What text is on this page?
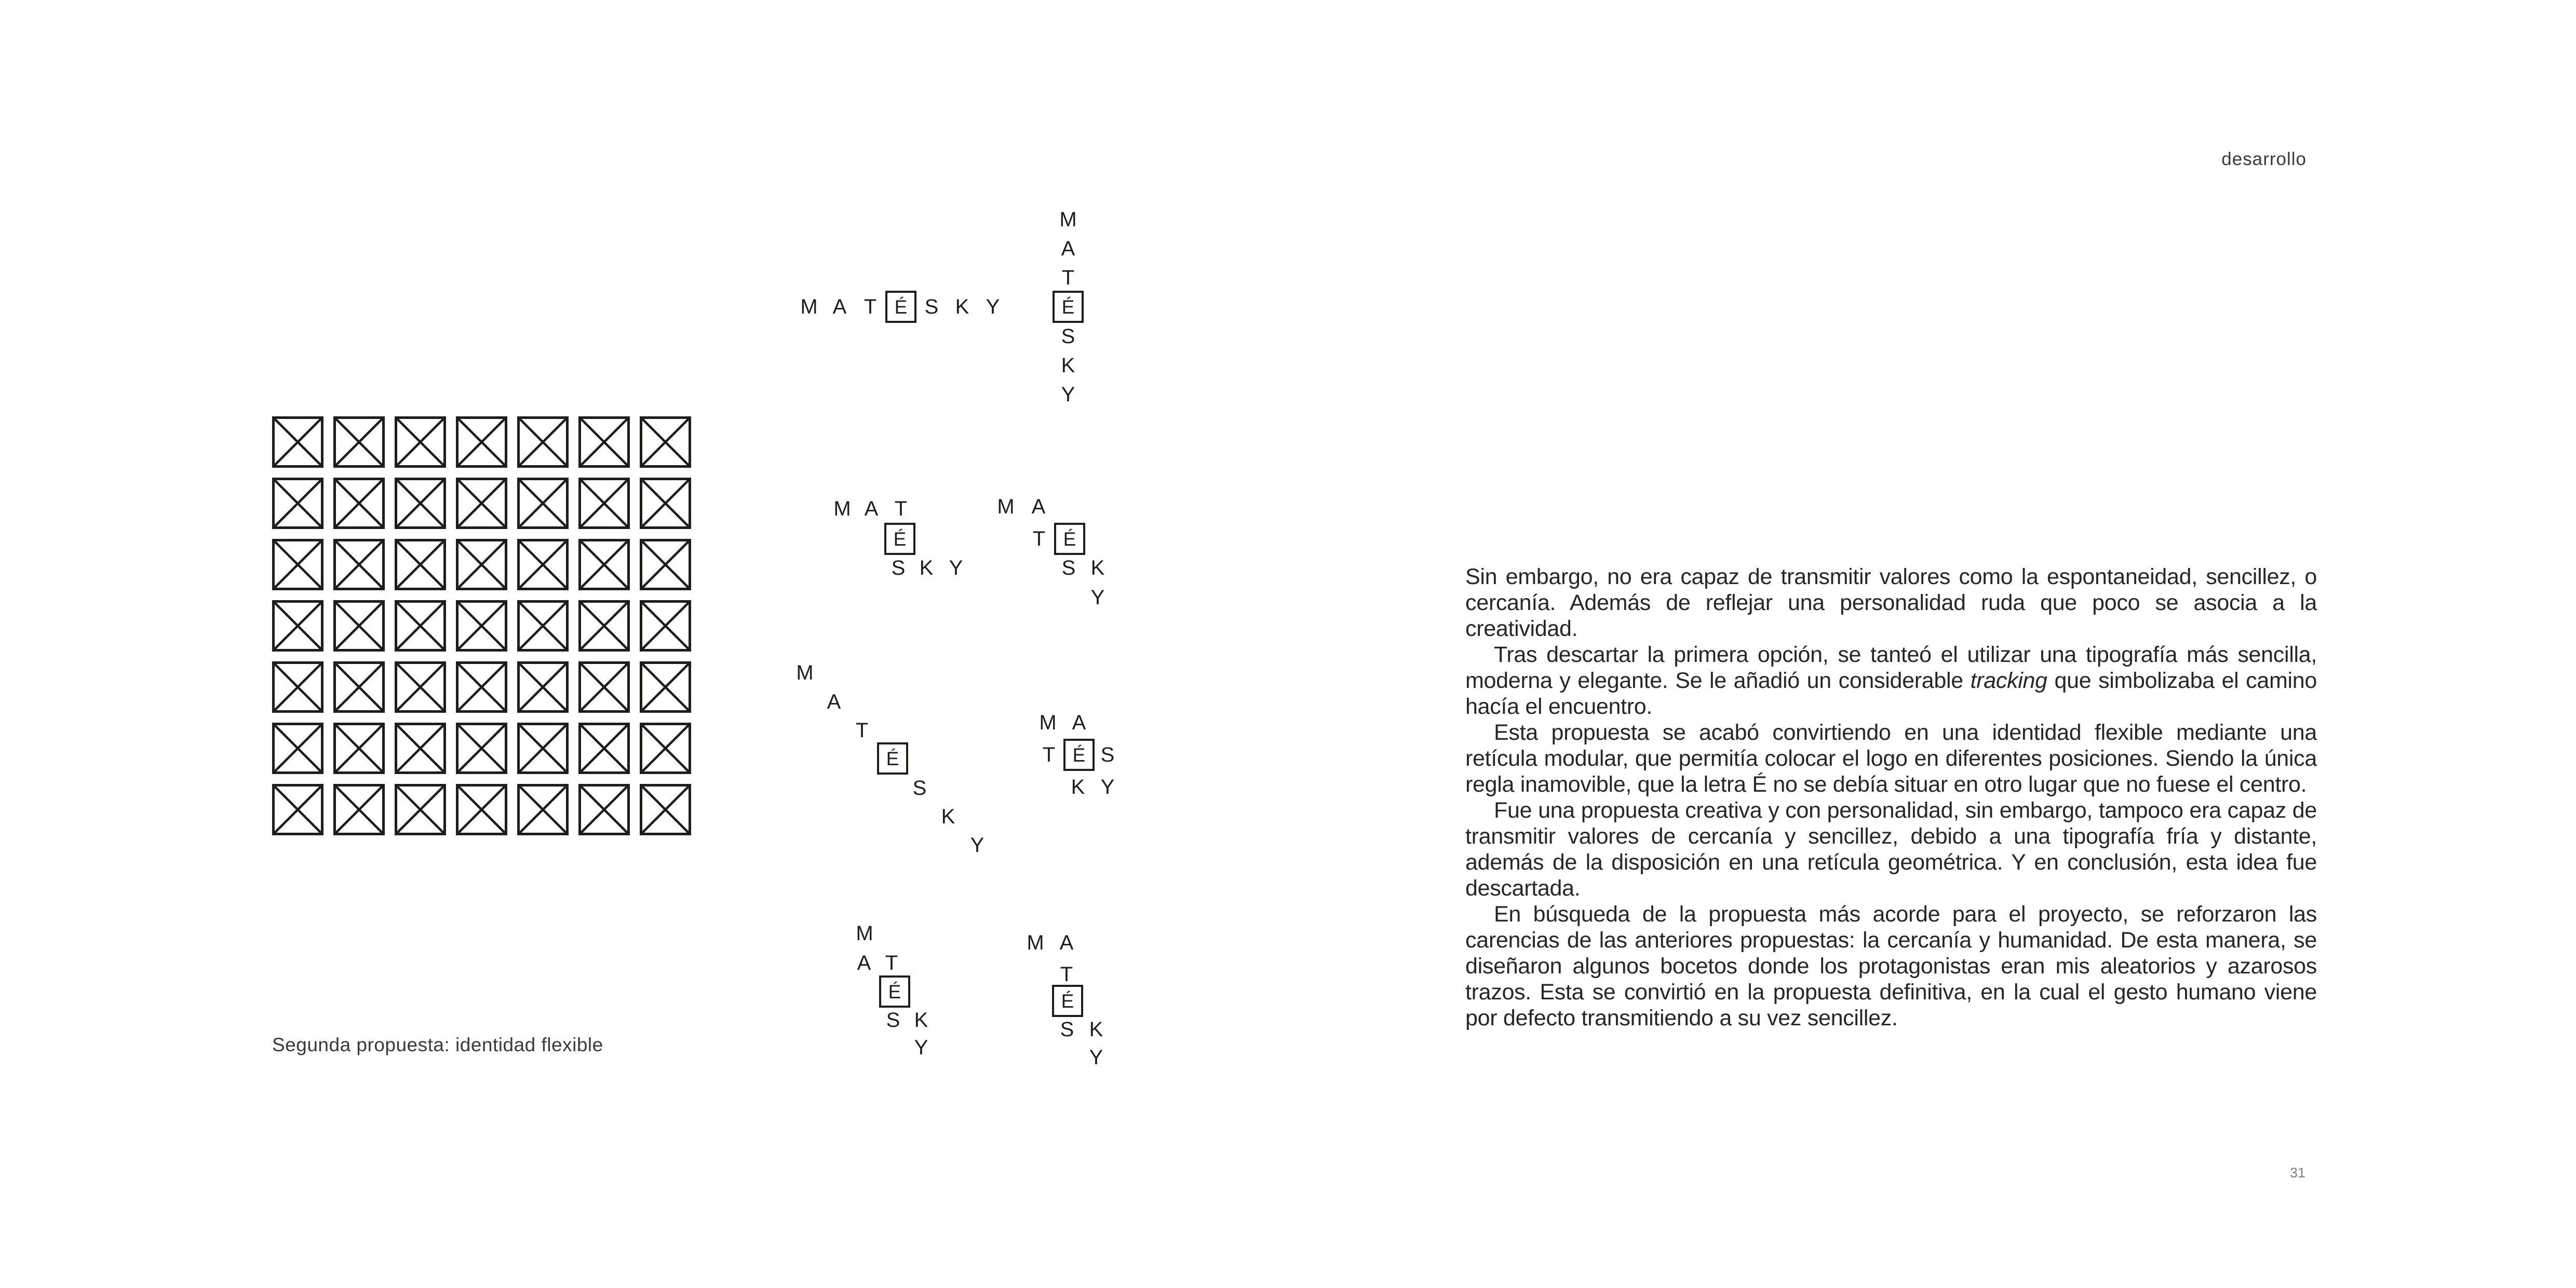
desarrollo
Segunda propuesta: identidad flexible
M A T É S K Y
M
A
T
É
S
K
Y
M A T
É
S K Y
M A
T É
S K
Y
M
A
T
É
S
K
Y
M A
T É S
K Y
M
A T
É
S K
Y
M A
T
É
S K
Y

Sin embargo, no era capaz de transmitir valores como la espontaneidad, sencillez, o cercanía. Además de reflejar una personalidad ruda que poco se asocia a la creatividad.

Tras descartar la primera opción, se tanteó el utilizar una tipografía más sencilla, moderna y elegante. Se le añadió un considerable tracking que simbolizaba el camino hacía el encuentro.

Esta propuesta se acabó convirtiendo en una identidad flexible mediante una retícula modular, que permitía colocar el logo en diferentes posiciones. Siendo la única regla inamovible, que la letra É no se debía situar en otro lugar que no fuese el centro.

Fue una propuesta creativa y con personalidad, sin embargo, tampoco era capaz de transmitir valores de cercanía y sencillez, debido a una tipografía fría y distante, además de la disposición en una retícula geométrica. Y en conclusión, esta idea fue descartada.

En búsqueda de la propuesta más acorde para el proyecto, se reforzaron las carencias de las anteriores propuestas: la cercanía y humanidad. De esta manera, se diseñaron algunos bocetos donde los protagonistas eran mis aleatorios y azarosos trazos. Esta se convirtió en la propuesta definitiva, en la cual el gesto humano viene por defecto transmitiendo a su vez sencillez.

31
